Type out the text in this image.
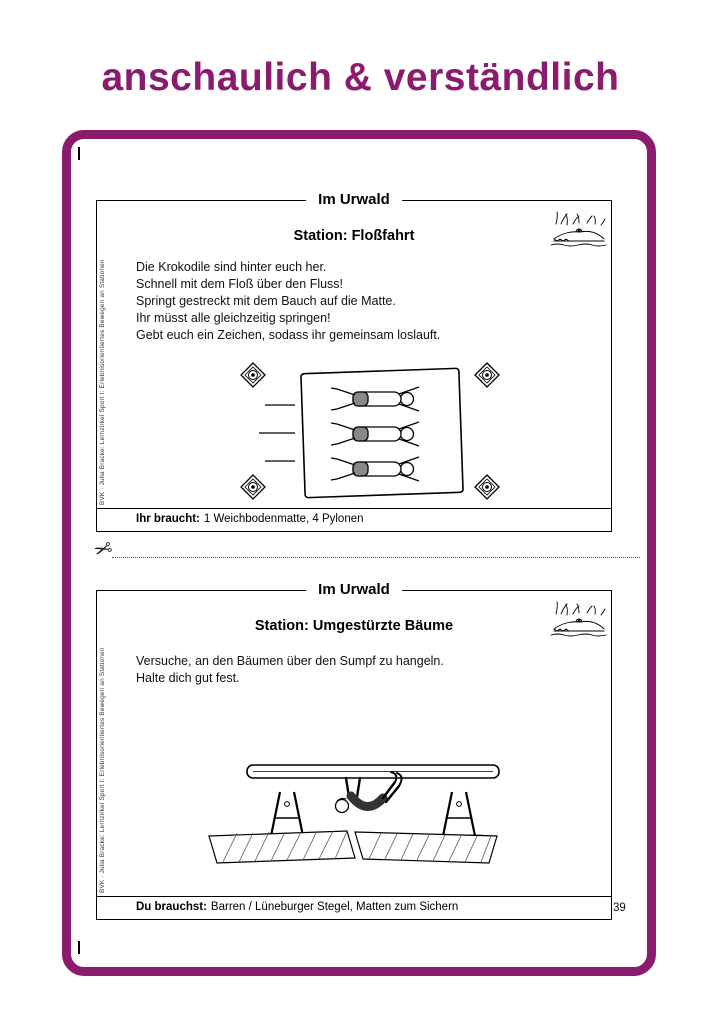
anschaulich & verständlich
Im Urwald
Station: Floßfahrt
Die Krokodile sind hinter euch her.
Schnell mit dem Floß über den Fluss!
Springt gestreckt mit dem Bauch auf die Matte.
Ihr müsst alle gleichzeitig springen!
Gebt euch ein Zeichen, sodass ihr gemeinsam loslauft.
Ihr braucht: 1 Weichbodenmatte, 4 Pylonen
BVK · Julia Bracke: Lernzirkel Sport I: Erlebnisorientiertes Bewegen an Stationen
✂
Im Urwald
Station: Umgestürzte Bäume
Versuche, an den Bäumen über den Sumpf zu hangeln.
Halte dich gut fest.
Du brauchst: Barren / Lüneburger Stegel, Matten zum Sichern
BVK · Julia Bracke: Lernzirkel Sport I: Erlebnisorientiertes Bewegen an Stationen
39
